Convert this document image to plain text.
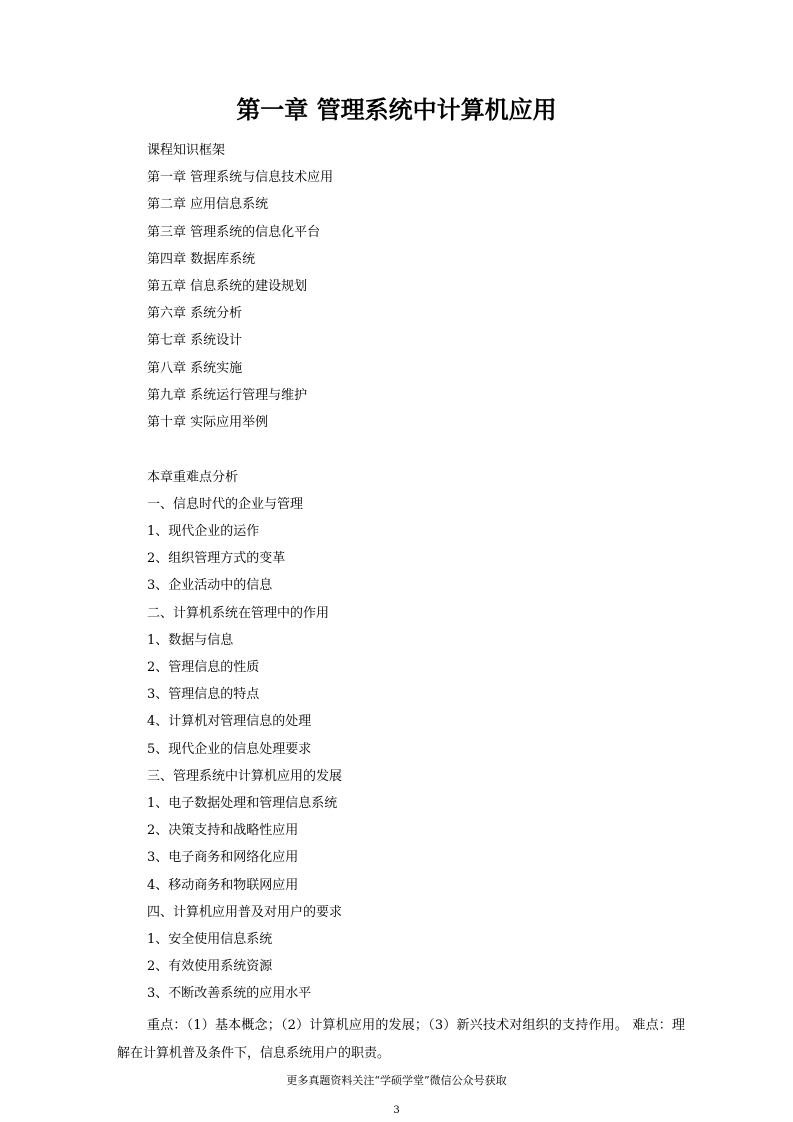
第一章 管理系统中计算机应用
课程知识框架
第一章 管理系统与信息技术应用
第二章 应用信息系统
第三章 管理系统的信息化平台
第四章 数据库系统
第五章 信息系统的建设规划
第六章 系统分析
第七章 系统设计
第八章 系统实施
第九章 系统运行管理与维护
第十章 实际应用举例
本章重难点分析
一、信息时代的企业与管理
1、现代企业的运作
2、组织管理方式的变革
3、企业活动中的信息
二、计算机系统在管理中的作用
1、数据与信息
2、管理信息的性质
3、管理信息的特点
4、计算机对管理信息的处理
5、现代企业的信息处理要求
三、管理系统中计算机应用的发展
1、电子数据处理和管理信息系统
2、决策支持和战略性应用
3、电子商务和网络化应用
4、移动商务和物联网应用
四、计算机应用普及对用户的要求
1、安全使用信息系统
2、有效使用系统资源
3、不断改善系统的应用水平

重点：（1）基本概念；（2）计算机应用的发展；（3）新兴技术对组织的支持作用。 难点：理解在计算机普及条件下，信息系统用户的职责。

更多真题资料关注“学硕学堂”微信公众号获取
3
